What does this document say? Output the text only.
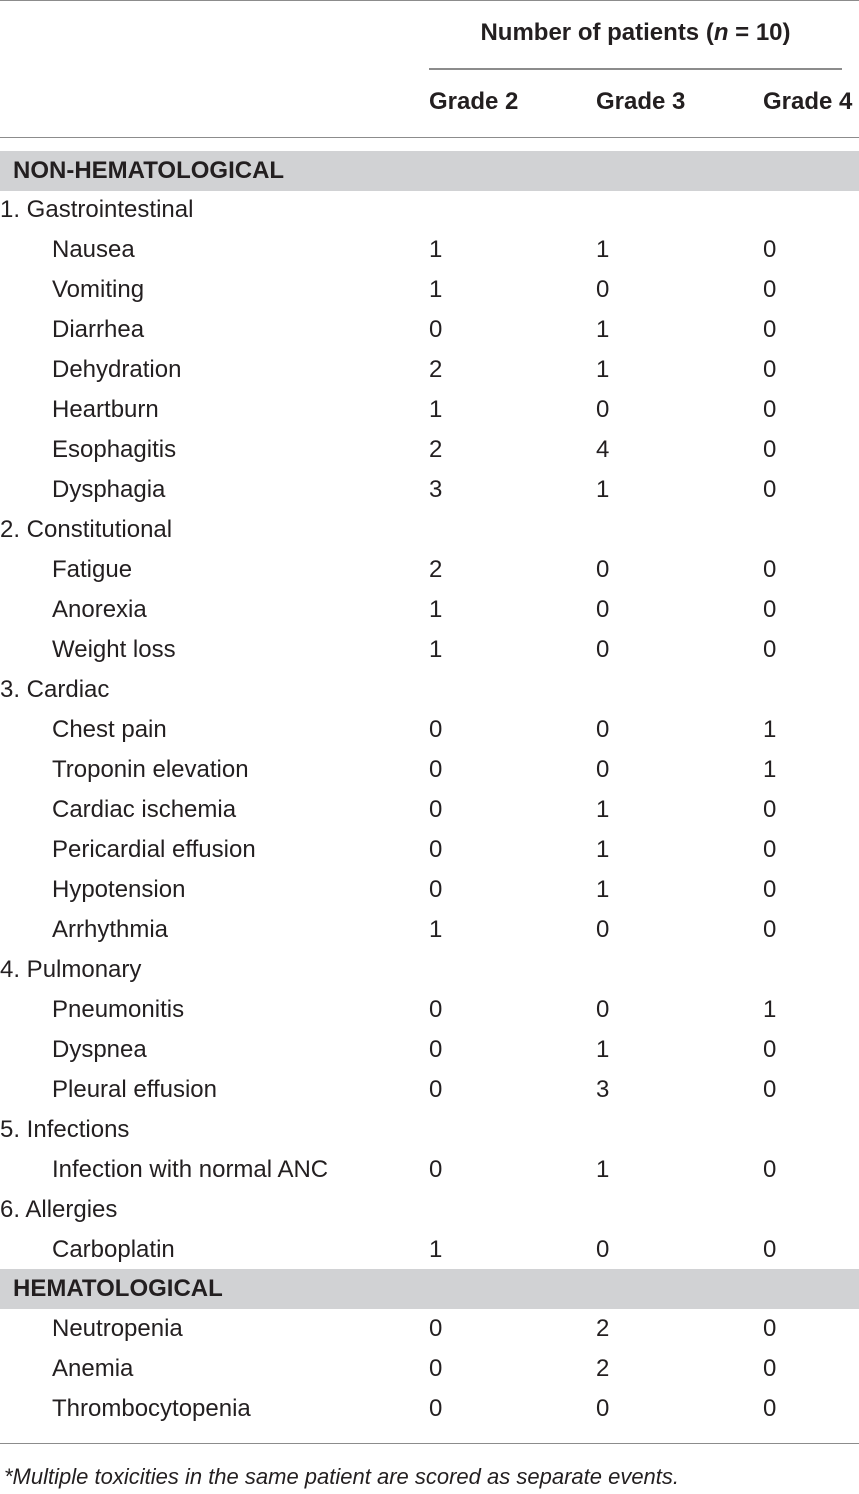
Number of patients (n = 10)
Grade 2	Grade 3	Grade 4
NON-HEMATOLOGICAL
1. Gastrointestinal
Nausea	1	1	0
Vomiting	1	0	0
Diarrhea	0	1	0
Dehydration	2	1	0
Heartburn	1	0	0
Esophagitis	2	4	0
Dysphagia	3	1	0
2. Constitutional
Fatigue	2	0	0
Anorexia	1	0	0
Weight loss	1	0	0
3. Cardiac
Chest pain	0	0	1
Troponin elevation	0	0	1
Cardiac ischemia	0	1	0
Pericardial effusion	0	1	0
Hypotension	0	1	0
Arrhythmia	1	0	0
4. Pulmonary
Pneumonitis	0	0	1
Dyspnea	0	1	0
Pleural effusion	0	3	0
5. Infections
Infection with normal ANC	0	1	0
6. Allergies
Carboplatin	1	0	0
HEMATOLOGICAL
Neutropenia	0	2	0
Anemia	0	2	0
Thrombocytopenia	0	0	0
*Multiple toxicities in the same patient are scored as separate events.
